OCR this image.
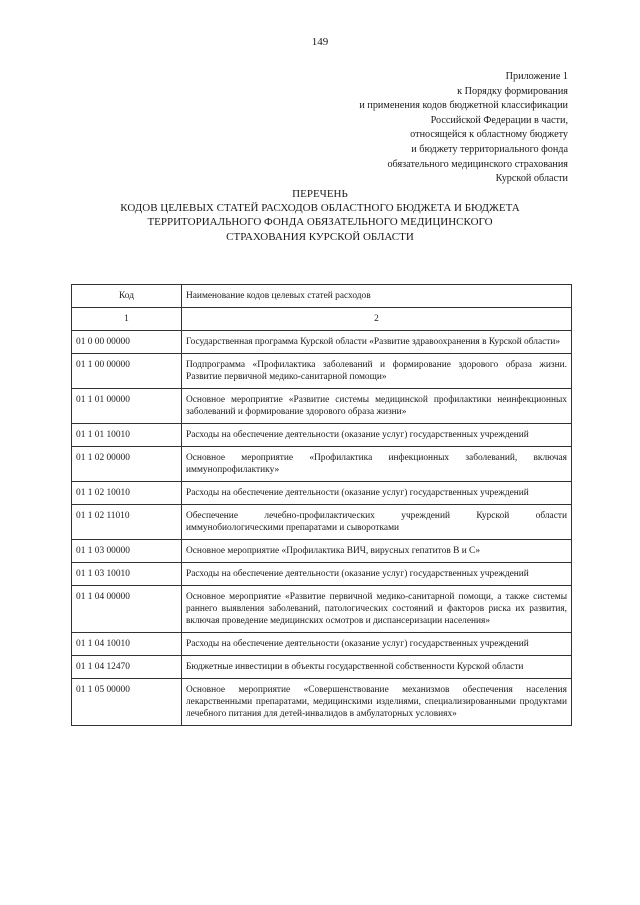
149
Приложение 1
к Порядку формирования
и применения кодов бюджетной классификации
Российской Федерации в части,
относящейся к областному бюджету
и бюджету территориального фонда
обязательного медицинского страхования
Курской области
ПЕРЕЧЕНЬ
КОДОВ ЦЕЛЕВЫХ СТАТЕЙ РАСХОДОВ ОБЛАСТНОГО БЮДЖЕТА И БЮДЖЕТА
ТЕРРИТОРИАЛЬНОГО ФОНДА ОБЯЗАТЕЛЬНОГО МЕДИЦИНСКОГО
СТРАХОВАНИЯ КУРСКОЙ ОБЛАСТИ
Код	Наименование кодов целевых статей расходов
1	2
01 0 00 00000	Государственная программа Курской области «Развитие здравоохранения в Курской области»
01 1 00 00000	Подпрограмма «Профилактика заболеваний и формирование здорового образа жизни. Развитие первичной медико-санитарной помощи»
01 1 01 00000	Основное мероприятие «Развитие системы медицинской профилактики неинфекционных заболеваний и формирование здорового образа жизни»
01 1 01 10010	Расходы на обеспечение деятельности (оказание услуг) государственных учреждений
01 1 02 00000	Основное мероприятие «Профилактика инфекционных заболеваний, включая иммунопрофилактику»
01 1 02 10010	Расходы на обеспечение деятельности (оказание услуг) государственных учреждений
01 1 02 11010	Обеспечение лечебно-профилактических учреждений Курской области иммунобиологическими препаратами и сыворотками
01 1 03 00000	Основное мероприятие «Профилактика ВИЧ, вирусных гепатитов В и С»
01 1 03 10010	Расходы на обеспечение деятельности (оказание услуг) государственных учреждений
01 1 04 00000	Основное мероприятие «Развитие первичной медико-санитарной помощи, а также системы раннего выявления заболеваний, патологических состояний и факторов риска их развития, включая проведение медицинских осмотров и диспансеризации населения»
01 1 04 10010	Расходы на обеспечение деятельности (оказание услуг) государственных учреждений
01 1 04 12470	Бюджетные инвестиции в объекты государственной собственности Курской области
01 1 05 00000	Основное мероприятие «Совершенствование механизмов обеспечения населения лекарственными препаратами, медицинскими изделиями, специализированными продуктами лечебного питания для детей-инвалидов в амбулаторных условиях»
